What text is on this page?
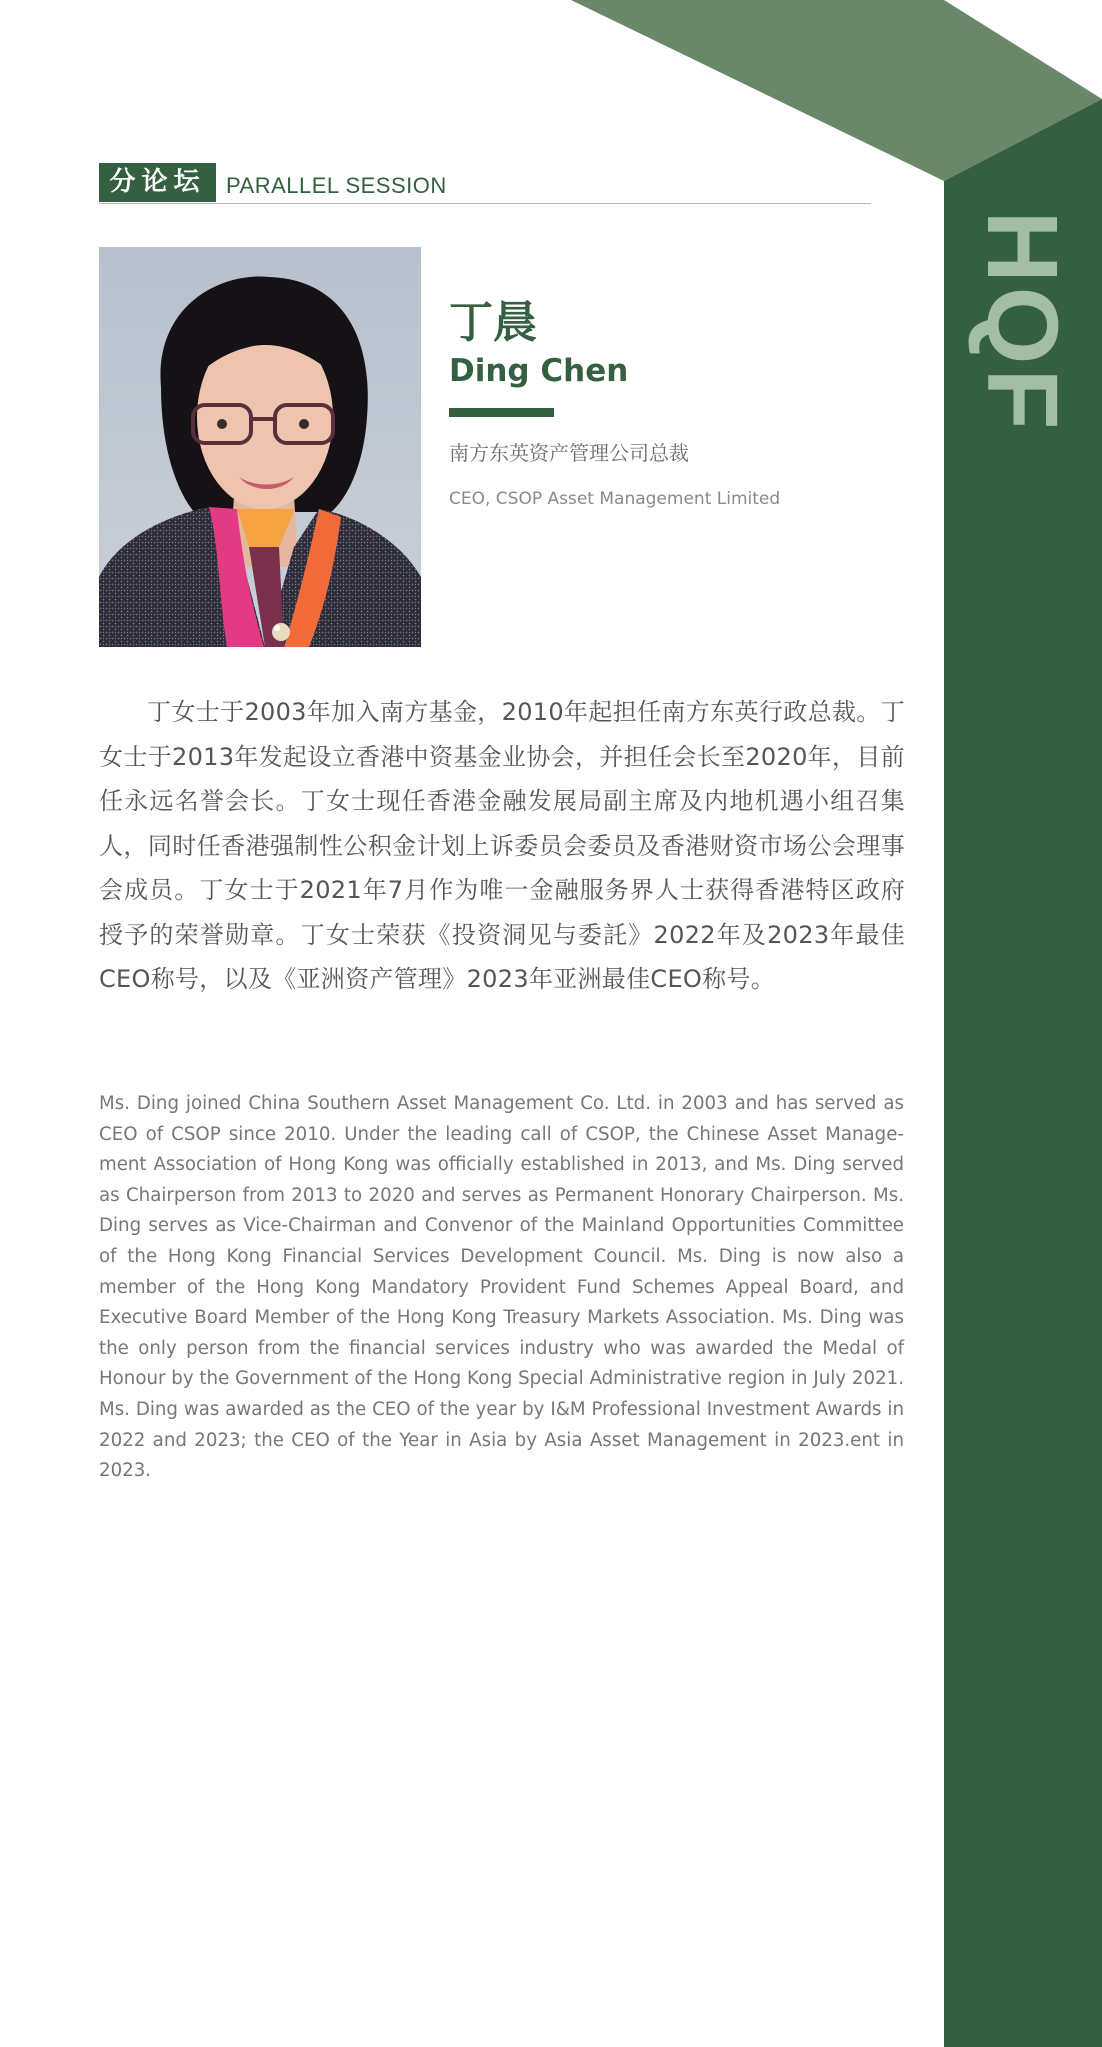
HQF
分论坛 PARALLEL SESSION
丁晨
Ding Chen
南方东英资产管理公司总裁
CEO, CSOP Asset Management Limited

丁女士于2003年加入南方基金，2010年起担任南方东英行政总裁。丁女士于2013年发起设立香港中资基金业协会，并担任会长至2020年，目前任永远名誉会长。丁女士现任香港金融发展局副主席及内地机遇小组召集人，同时任香港强制性公积金计划上诉委员会委员及香港财资市场公会理事会成员。丁女士于2021年7月作为唯一金融服务界人士获得香港特区政府授予的荣誉勋章。丁女士荣获《投资洞见与委託》2022年及2023年最佳CEO称号，以及《亚洲资产管理》2023年亚洲最佳CEO称号。

Ms. Ding joined China Southern Asset Management Co. Ltd. in 2003 and has served as CEO of CSOP since 2010. Under the leading call of CSOP, the Chinese Asset Management Association of Hong Kong was officially established in 2013, and Ms. Ding served as Chairperson from 2013 to 2020 and serves as Permanent Honorary Chairperson. Ms. Ding serves as Vice-Chairman and Convenor of the Mainland Opportunities Committee of the Hong Kong Financial Services Development Council. Ms. Ding is now also a member of the Hong Kong Mandatory Provident Fund Schemes Appeal Board, and Executive Board Member of the Hong Kong Treasury Markets Association. Ms. Ding was the only person from the financial services industry who was awarded the Medal of Honour by the Government of the Hong Kong Special Administrative region in July 2021. Ms. Ding was awarded as the CEO of the year by I&M Professional Investment Awards in 2022 and 2023; the CEO of the Year in Asia by Asia Asset Management in 2023.ent in 2023.
